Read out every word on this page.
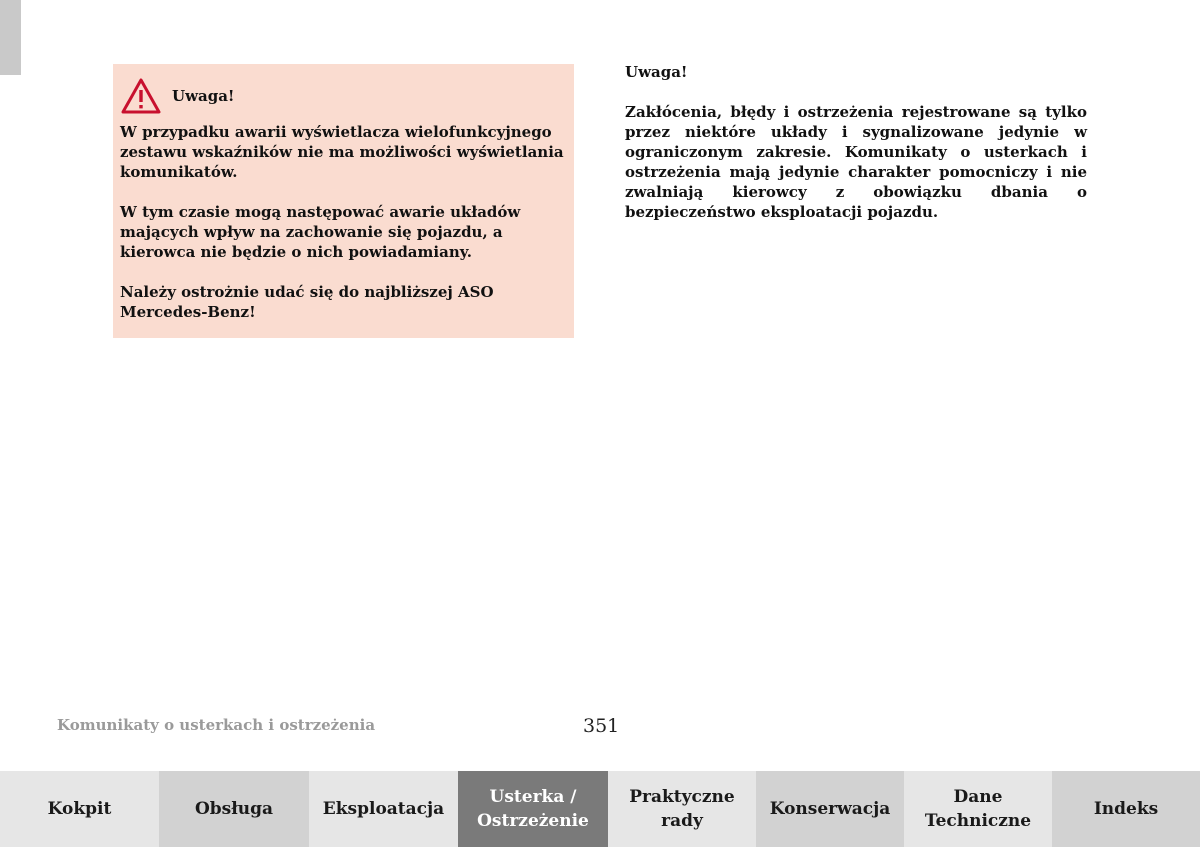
Uwaga!

W przypadku awarii wyświetlacza wielofunkcyjnego zestawu wskaźników nie ma możliwości wyświetlania komunikatów.

W tym czasie mogą następować awarie układów mających wpływ na zachowanie się pojazdu, a kierowca nie będzie o nich powiadamiany.

Należy ostrożnie udać się do najbliższej ASO Mercedes-Benz!

Uwaga!

Zakłócenia, błędy i ostrzeżenia rejestrowane są tylko przez niektóre układy i sygnalizowane jedynie w ograniczonym zakresie. Komunikaty o usterkach i ostrzeżenia mają jedynie charakter pomocniczy i nie zwalniają kierowcy z obowiązku dbania o bezpieczeństwo eksploatacji pojazdu.

Komunikaty o usterkach i ostrzeżenia	351
Kokpit	Obsługa	Eksploatacja
Usterka /
Ostrzeżenie
Praktyczne
rady
Konserwacja
Dane
Techniczne
Indeks
